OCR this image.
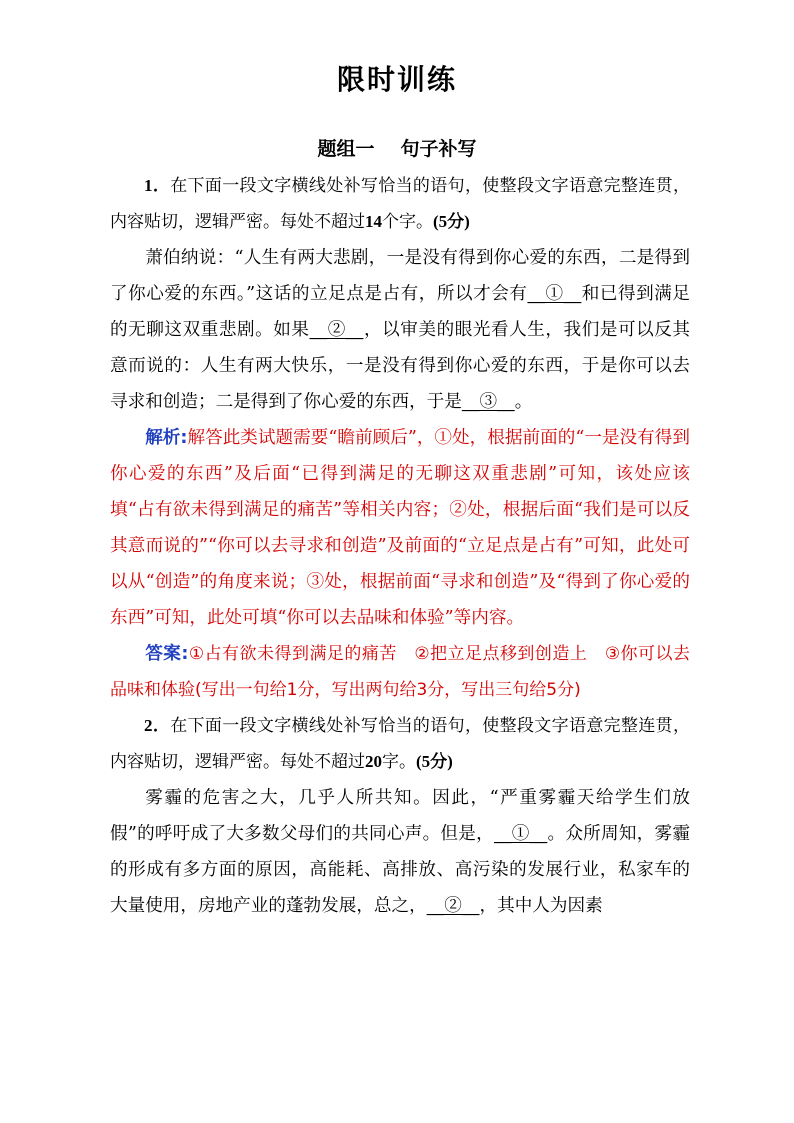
限时训练
题组一 句子补写

1．在下面一段文字横线处补写恰当的语句，使整段文字语意完整连贯，内容贴切，逻辑严密。每处不超过14个字。(5分)

萧伯纳说：“人生有两大悲剧，一是没有得到你心爱的东西，二是得到了你心爱的东西。”这话的立足点是占有，所以才会有__①__和已得到满足的无聊这双重悲剧。如果__②__，以审美的眼光看人生，我们是可以反其意而说的：人生有两大快乐，一是没有得到你心爱的东西，于是你可以去寻求和创造；二是得到了你心爱的东西，于是__③__。

解析:解答此类试题需要“瞻前顾后”，①处，根据前面的“一是没有得到你心爱的东西”及后面“已得到满足的无聊这双重悲剧”可知，该处应该填“占有欲未得到满足的痛苦”等相关内容；②处，根据后面“我们是可以反其意而说的”“你可以去寻求和创造”及前面的“立足点是占有”可知，此处可以从“创造”的角度来说；③处，根据前面“寻求和创造”及“得到了你心爱的东西”可知，此处可填“你可以去品味和体验”等内容。

答案:①占有欲未得到满足的痛苦　②把立足点移到创造上　③你可以去品味和体验(写出一句给1分，写出两句给3分，写出三句给5分)

2．在下面一段文字横线处补写恰当的语句，使整段文字语意完整连贯，内容贴切，逻辑严密。每处不超过20字。(5分)

雾霾的危害之大，几乎人所共知。因此，“严重雾霾天给学生们放假”的呼吁成了大多数父母们的共同心声。但是，__①__。众所周知，雾霾的形成有多方面的原因，高能耗、高排放、高污染的发展行业，私家车的大量使用，房地产业的蓬勃发展，总之，__②__，其中人为因素
